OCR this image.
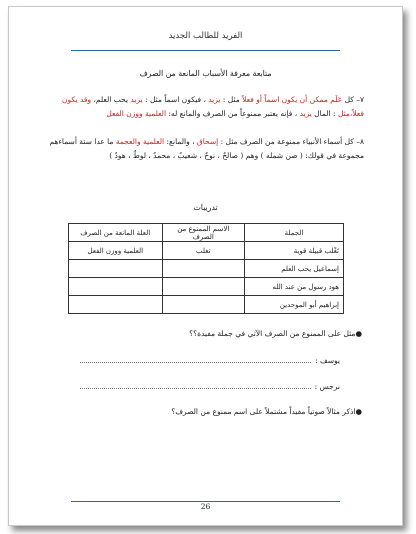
الفريد للطالب الجديد
متابعة معرفة الأسباب المانعة من الصرف
٧– كل عَلَم ممكن أن يكون اسماً أو فعلاً مثل : يزيد ، فيكون اسماً مثل : يزيد يحب العلم، وقد يكون فعلاً،مثل : المال يزيد ، فإنه يعتبر ممنوعاً من الصرف والمانع له: العلمية ووزن الفعل
٨– كل أسماء الأنبياء ممنوعة من الصرف مثل : إسحاق ، والمانع: العلمية والعجمة ما عدا ستة أسماءهم مجموعة في قولك: ( صن شمله ) وهم ( صالحٌ ، نوحٌ ، شعيبٌ ، محمدٌ ، لوطٌ ، هودٌ )
تدريبات
الجملة	الاسم الممنوع من الصرف	العلة المانعة من الصرف
تَغْلب قبيلة قوية	تغلب	العلمية ووزن الفعل
إسماعيل يحب العلم		
هود رسول من عند الله		
إبراهيم أبو الموحدين		
●مثل على الممنوع من الصرف الآتي في جملة مفيدة؟؟
يوسف :
نرجس :
●اذكر مثالاً صوتياً مفيداً مشتملاً على اسم ممنوع من الصرف؟
26
